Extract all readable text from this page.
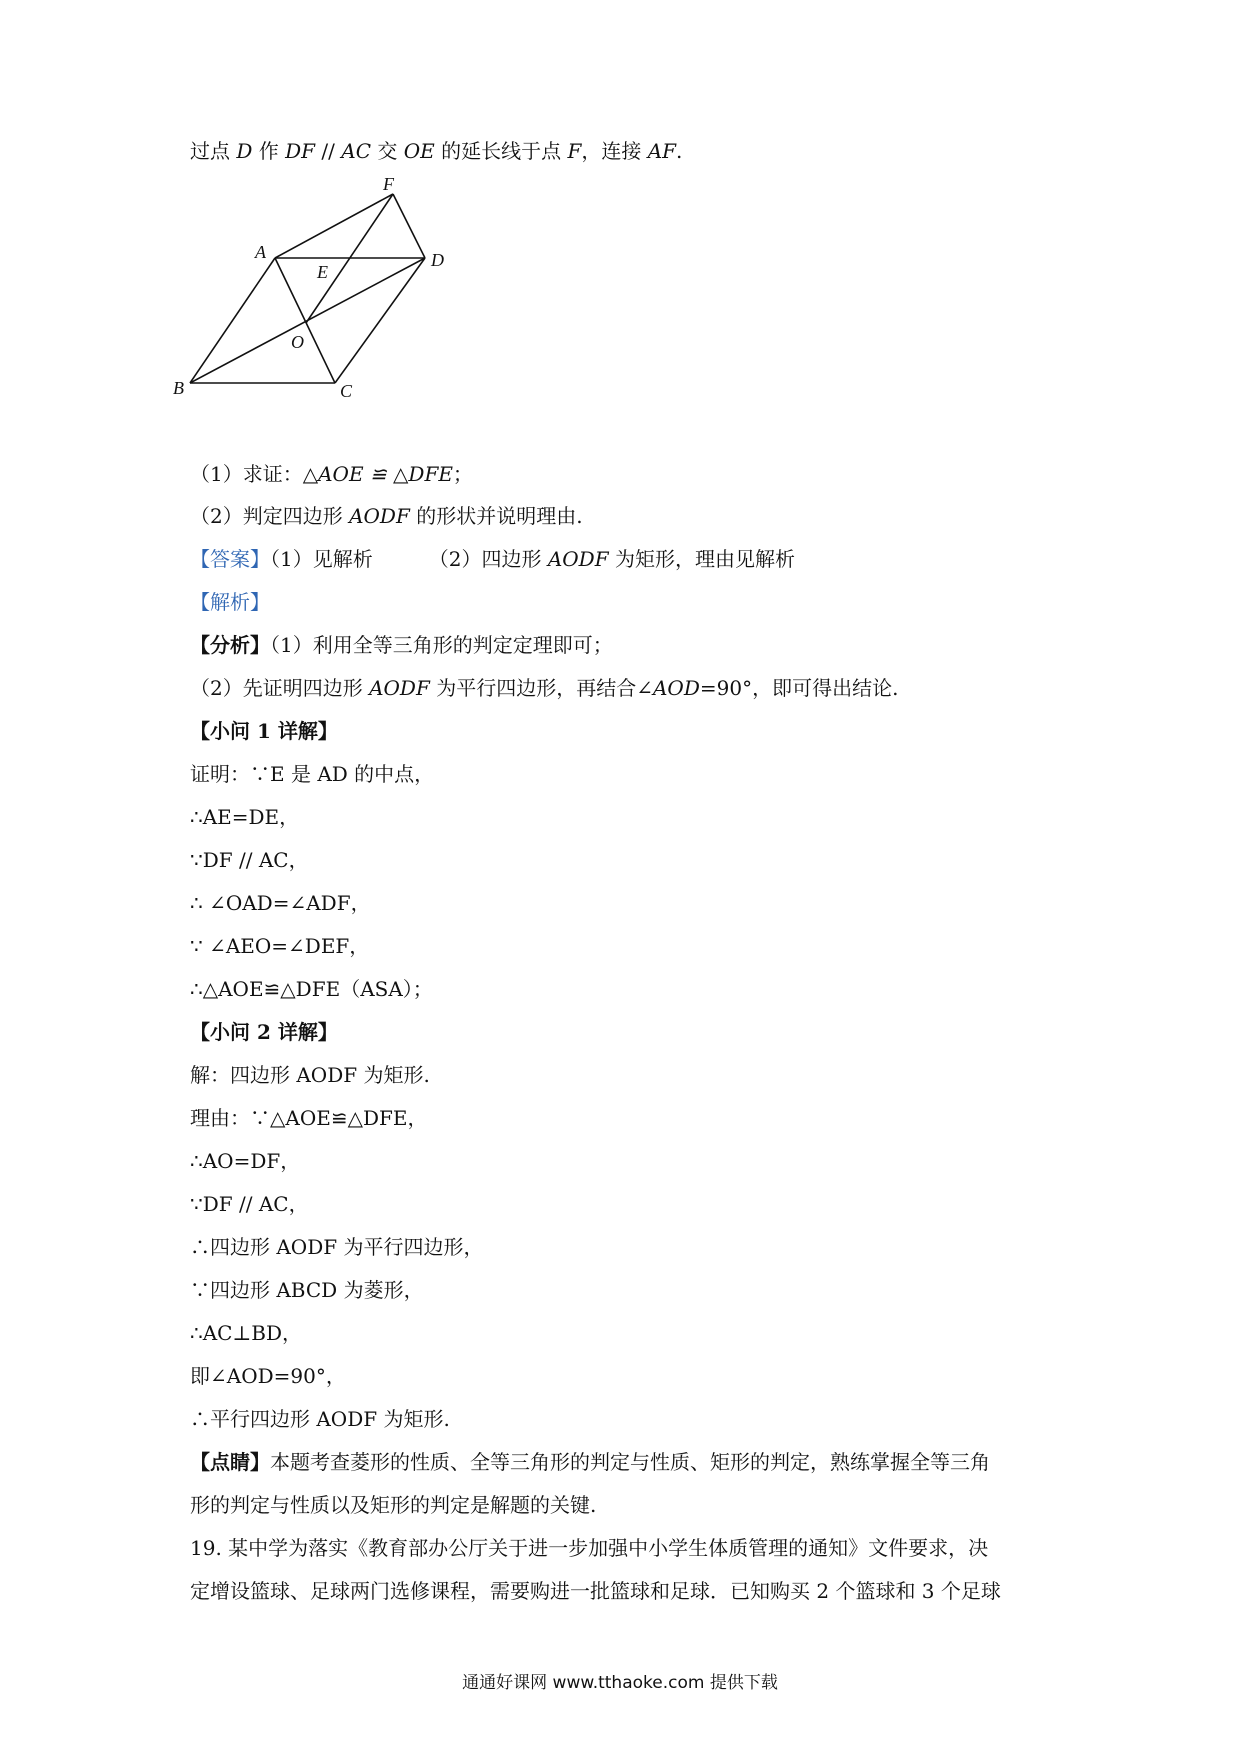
过点 D 作 DF // AC 交 OE 的延长线于点 F，连接 AF.
F
A	D
E
O
B	C
（1）求证：△AOE ≌ △DFE；
（2）判定四边形 AODF 的形状并说明理由.
【答案】（1）见解析	（2）四边形 AODF 为矩形，理由见解析
【解析】
【分析】（1）利用全等三角形的判定定理即可；
（2）先证明四边形 AODF 为平行四边形，再结合∠AOD=90°，即可得出结论.
【小问 1 详解】
证明：∵E 是 AD 的中点，
∴AE=DE，
∵DF // AC，
∴ ∠OAD=∠ADF，
∵ ∠AEO=∠DEF，
∴△AOE≌△DFE（ASA）；
【小问 2 详解】
解：四边形 AODF 为矩形.
理由：∵△AOE≌△DFE，
∴AO=DF，
∵DF // AC，
∴四边形 AODF 为平行四边形，
∵四边形 ABCD 为菱形，
∴AC⊥BD，
即∠AOD=90°，
∴平行四边形 AODF 为矩形.
【点睛】本题考查菱形的性质、全等三角形的判定与性质、矩形的判定，熟练掌握全等三角
形的判定与性质以及矩形的判定是解题的关键.
19. 某中学为落实《教育部办公厅关于进一步加强中小学生体质管理的通知》文件要求，决
定增设篮球、足球两门选修课程，需要购进一批篮球和足球．已知购买 2 个篮球和 3 个足球
通通好课网 www.tthaoke.com 提供下载
